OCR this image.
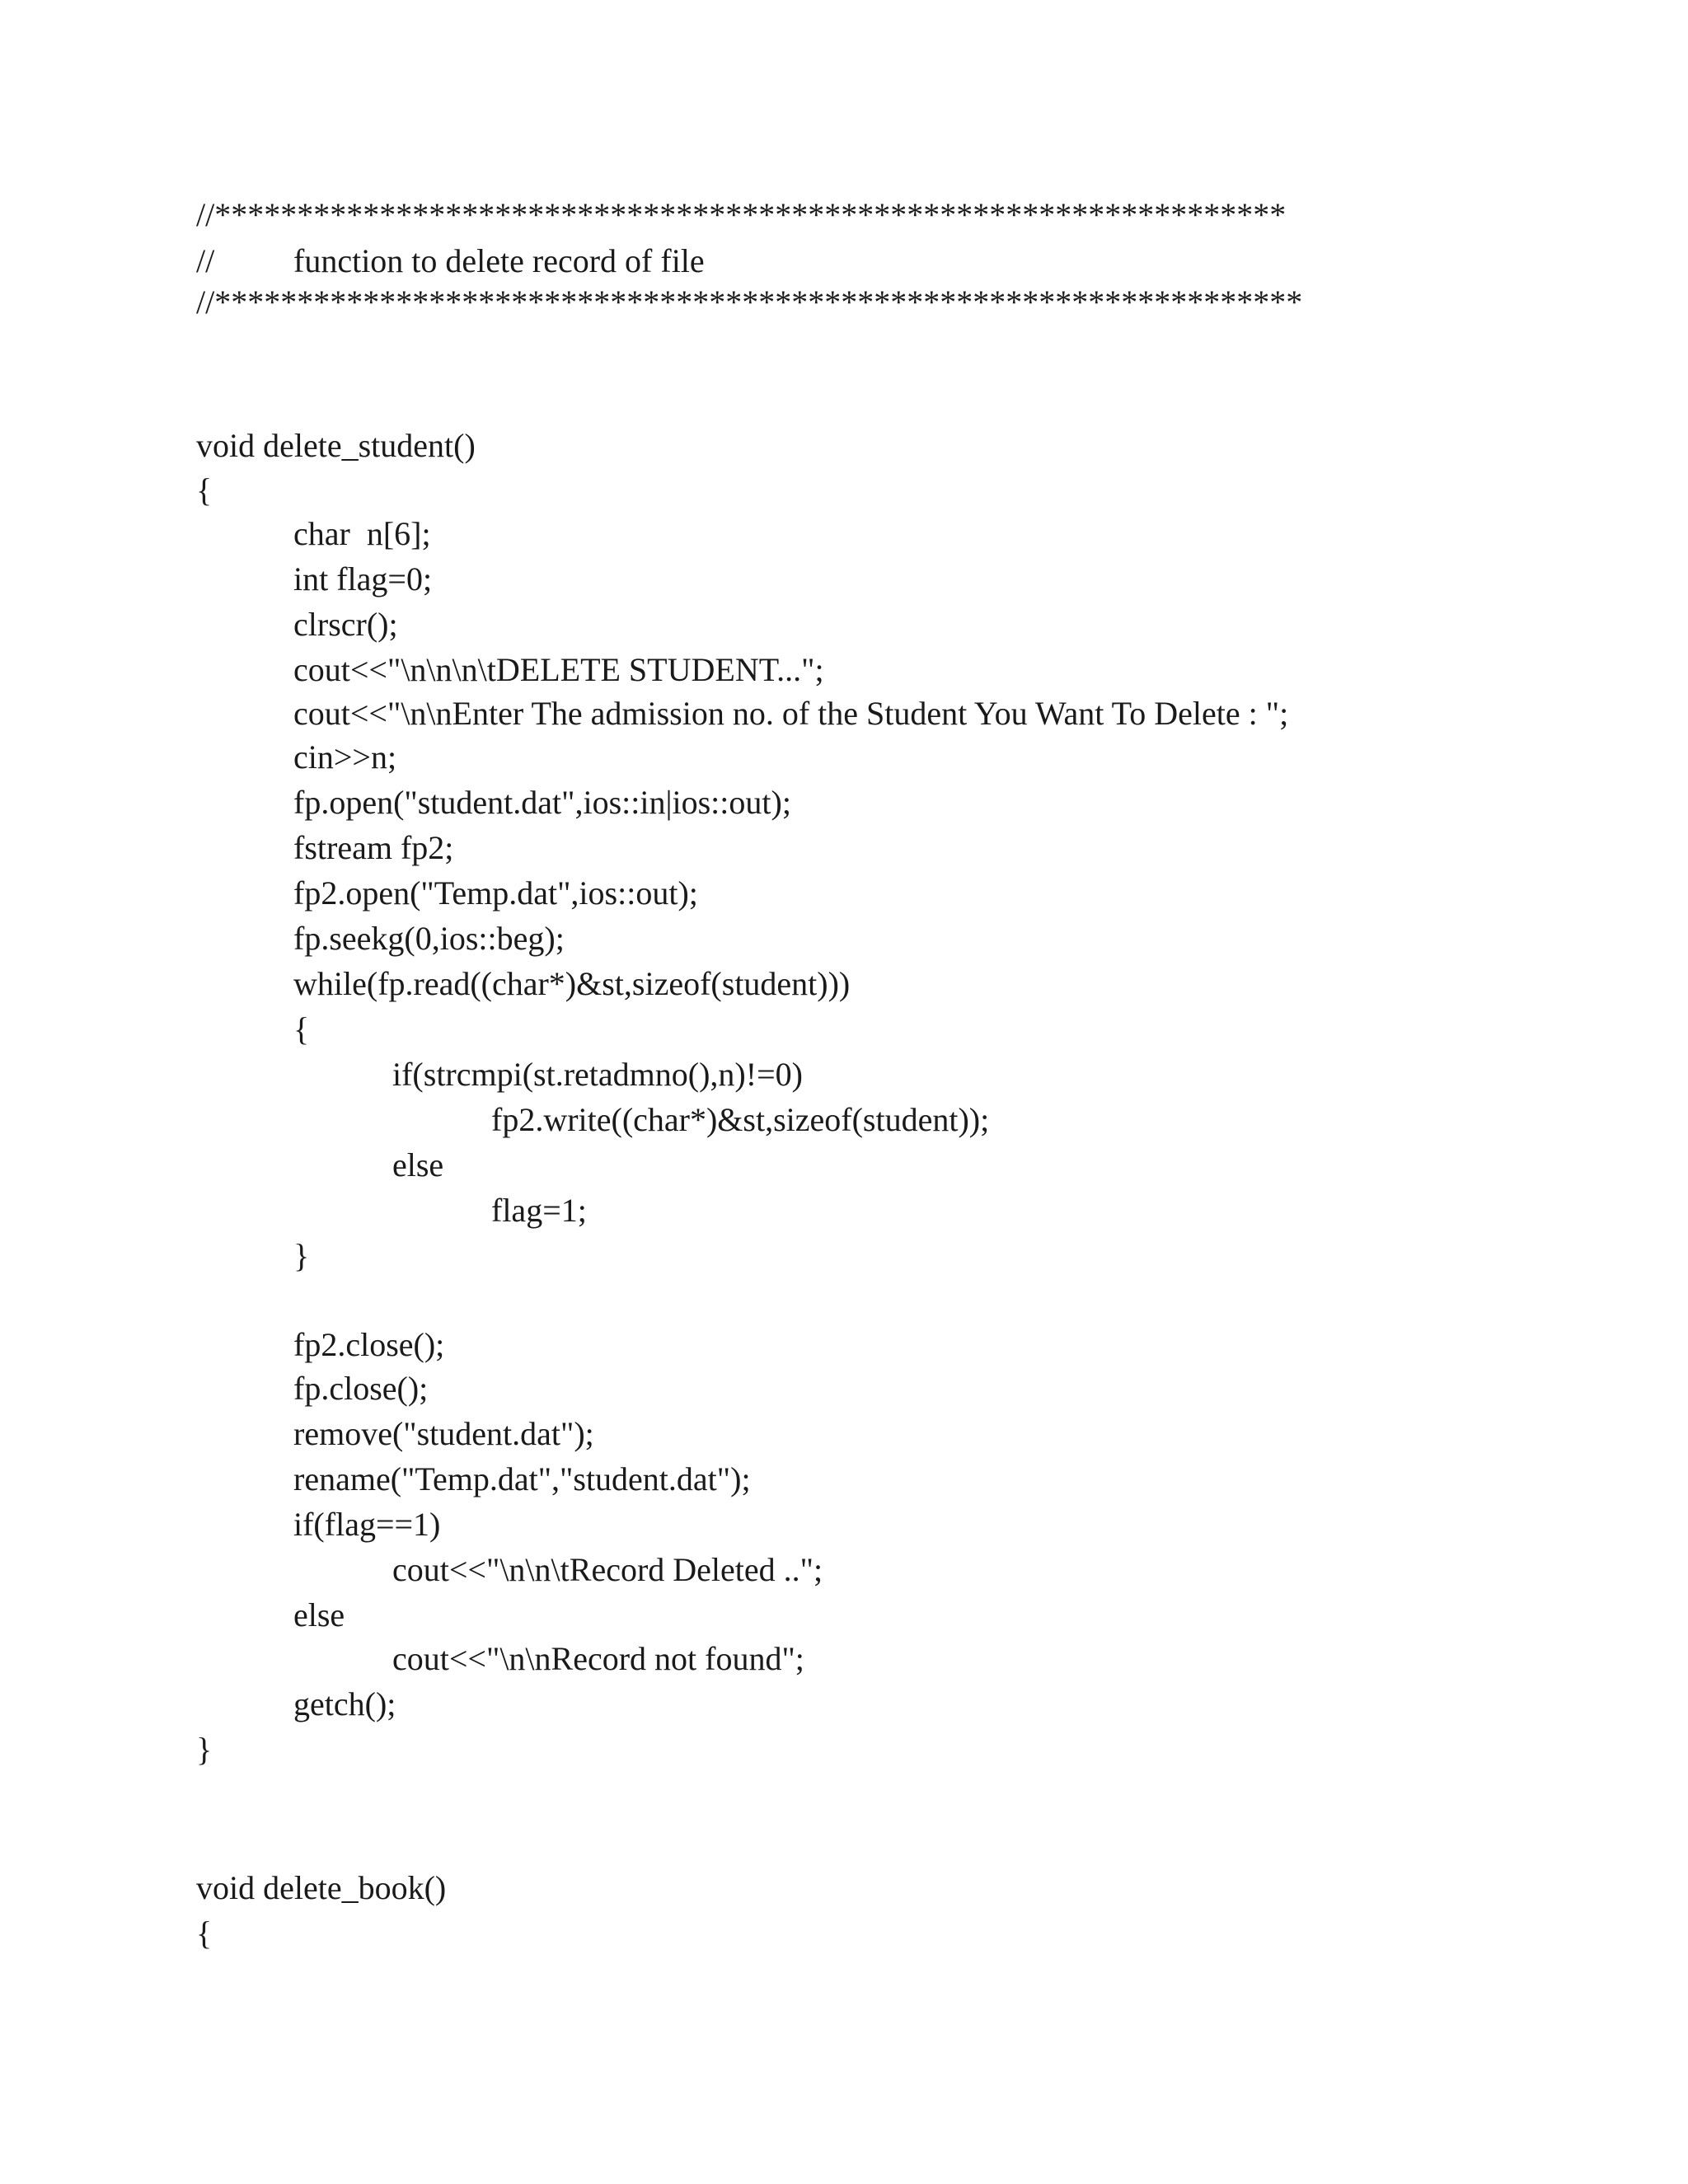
//*****************************************************************
// function to delete record of file
//******************************************************************
void delete_student()
{
char  n[6];
int flag=0;
clrscr();
cout<<"\n\n\n\tDELETE STUDENT...";
cout<<"\n\nEnter The admission no. of the Student You Want To Delete : ";
cin>>n;
fp.open("student.dat",ios::in|ios::out);
fstream fp2;
fp2.open("Temp.dat",ios::out);
fp.seekg(0,ios::beg);
while(fp.read((char*)&st,sizeof(student)))
{
if(strcmpi(st.retadmno(),n)!=0)
fp2.write((char*)&st,sizeof(student));
else
flag=1;
}
fp2.close();
fp.close();
remove("student.dat");
rename("Temp.dat","student.dat");
if(flag==1)
cout<<"\n\n\tRecord Deleted ..";
else
cout<<"\n\nRecord not found";
getch();
}
void delete_book()
{
